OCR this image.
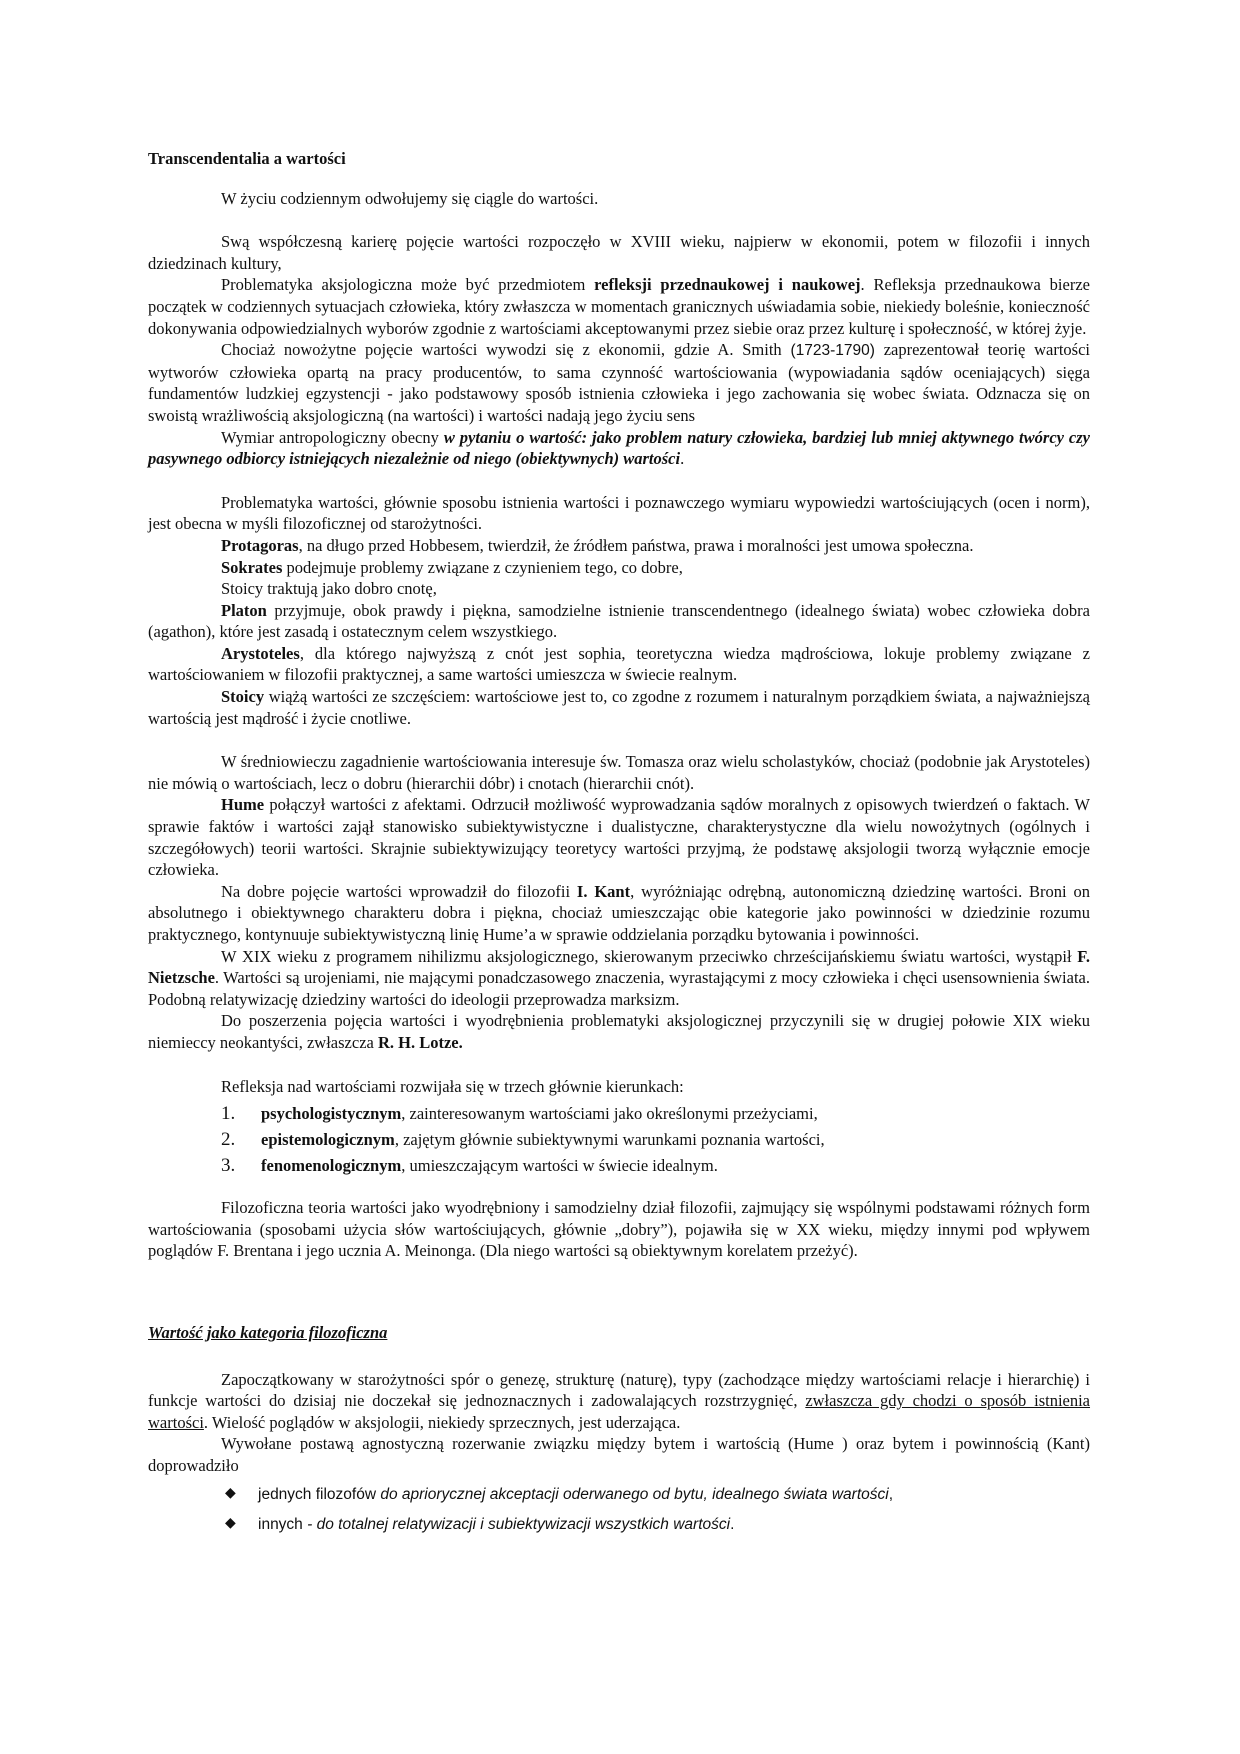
Transcendentalia a wartości

W życiu codziennym odwołujemy się ciągle do wartości.

Swą współczesną karierę pojęcie wartości rozpoczęło w XVIII wieku, najpierw w ekonomii, potem w filozofii i innych dziedzinach kultury,

Problematyka aksjologiczna może być przedmiotem refleksji przednaukowej i naukowej. Refleksja przednaukowa bierze początek w codziennych sytuacjach człowieka, który zwłaszcza w momentach granicznych uświadamia sobie, niekiedy boleśnie, konieczność dokonywania odpowiedzialnych wyborów zgodnie z wartościami akceptowanymi przez siebie oraz przez kulturę i społeczność, w której żyje.

Chociaż nowożytne pojęcie wartości wywodzi się z ekonomii, gdzie A. Smith (1723-1790) zaprezentował teorię wartości wytworów człowieka opartą na pracy producentów, to sama czynność wartościowania (wypowiadania sądów oceniających) sięga fundamentów ludzkiej egzystencji - jako podstawowy sposób istnienia człowieka i jego zachowania się wobec świata. Odznacza się on swoistą wrażliwością aksjologiczną (na wartości) i wartości nadają jego życiu sens

Wymiar antropologiczny obecny w pytaniu o wartość: jako problem natury człowieka, bardziej lub mniej aktywnego twórcy czy pasywnego odbiorcy istniejących niezależnie od niego (obiektywnych) wartości.

Problematyka wartości, głównie sposobu istnienia wartości i poznawczego wymiaru wypowiedzi wartościujących (ocen i norm), jest obecna w myśli filozoficznej od starożytności.

Protagoras, na długo przed Hobbesem, twierdził, że źródłem państwa, prawa i moralności jest umowa społeczna.

Sokrates podejmuje problemy związane z czynieniem tego, co dobre,

Stoicy traktują jako dobro cnotę,

Platon przyjmuje, obok prawdy i piękna, samodzielne istnienie transcendentnego (idealnego świata) wobec człowieka dobra (agathon), które jest zasadą i ostatecznym celem wszystkiego.

Arystoteles, dla którego najwyższą z cnót jest sophia, teoretyczna wiedza mądrościowa, lokuje problemy związane z wartościowaniem w filozofii praktycznej, a same wartości umieszcza w świecie realnym.

Stoicy wiążą wartości ze szczęściem: wartościowe jest to, co zgodne z rozumem i naturalnym porządkiem świata, a najważniejszą wartością jest mądrość i życie cnotliwe.

W średniowieczu zagadnienie wartościowania interesuje św. Tomasza oraz wielu scholastyków, chociaż (podobnie jak Arystoteles) nie mówią o wartościach, lecz o dobru (hierarchii dóbr) i cnotach (hierarchii cnót).

Hume połączył wartości z afektami. Odrzucił możliwość wyprowadzania sądów moralnych z opisowych twierdzeń o faktach. W sprawie faktów i wartości zajął stanowisko subiektywistyczne i dualistyczne, charakterystyczne dla wielu nowożytnych (ogólnych i szczegółowych) teorii wartości. Skrajnie subiektywizujący teoretycy wartości przyjmą, że podstawę aksjologii tworzą wyłącznie emocje człowieka.

Na dobre pojęcie wartości wprowadził do filozofii I. Kant, wyróżniając odrębną, autonomiczną dziedzinę wartości. Broni on absolutnego i obiektywnego charakteru dobra i piękna, chociaż umieszczając obie kategorie jako powinności w dziedzinie rozumu praktycznego, kontynuuje subiektywistyczną linię Hume’a w sprawie oddzielania porządku bytowania i powinności.

W XIX wieku z programem nihilizmu aksjologicznego, skierowanym przeciwko chrześcijańskiemu światu wartości, wystąpił F. Nietzsche. Wartości są urojeniami, nie mającymi ponadczasowego znaczenia, wyrastającymi z mocy człowieka i chęci usensownienia świata. Podobną relatywizację dziedziny wartości do ideologii przeprowadza marksizm.

Do poszerzenia pojęcia wartości i wyodrębnienia problematyki aksjologicznej przyczynili się w drugiej połowie XIX wieku niemieccy neokantyści, zwłaszcza R. H. Lotze.

Refleksja nad wartościami rozwijała się w trzech głównie kierunkach:

1. psychologistycznym, zainteresowanym wartościami jako określonymi przeżyciami,
2. epistemologicznym, zajętym głównie subiektywnymi warunkami poznania wartości,
3. fenomenologicznym, umieszczającym wartości w świecie idealnym.

Filozoficzna teoria wartości jako wyodrębniony i samodzielny dział filozofii, zajmujący się wspólnymi podstawami różnych form wartościowania (sposobami użycia słów wartościujących, głównie „dobry”), pojawiła się w XX wieku, między innymi pod wpływem poglądów F. Brentana i jego ucznia A. Meinonga. (Dla niego wartości są obiektywnym korelatem przeżyć).

Wartość jako kategoria filozoficzna

Zapoczątkowany w starożytności spór o genezę, strukturę (naturę), typy (zachodzące między wartościami relacje i hierarchię) i funkcje wartości do dzisiaj nie doczekał się jednoznacznych i zadowalających rozstrzygnięć, zwłaszcza gdy chodzi o sposób istnienia wartości. Wielość poglądów w aksjologii, niekiedy sprzecznych, jest uderzająca.

Wywołane postawą agnostyczną rozerwanie związku między bytem i wartością (Hume ) oraz bytem i powinnością (Kant) doprowadziło

◆ jednych filozofów do apriorycznej akceptacji oderwanego od bytu, idealnego świata wartości,
◆ innych - do totalnej relatywizacji i subiektywizacji wszystkich wartości.
